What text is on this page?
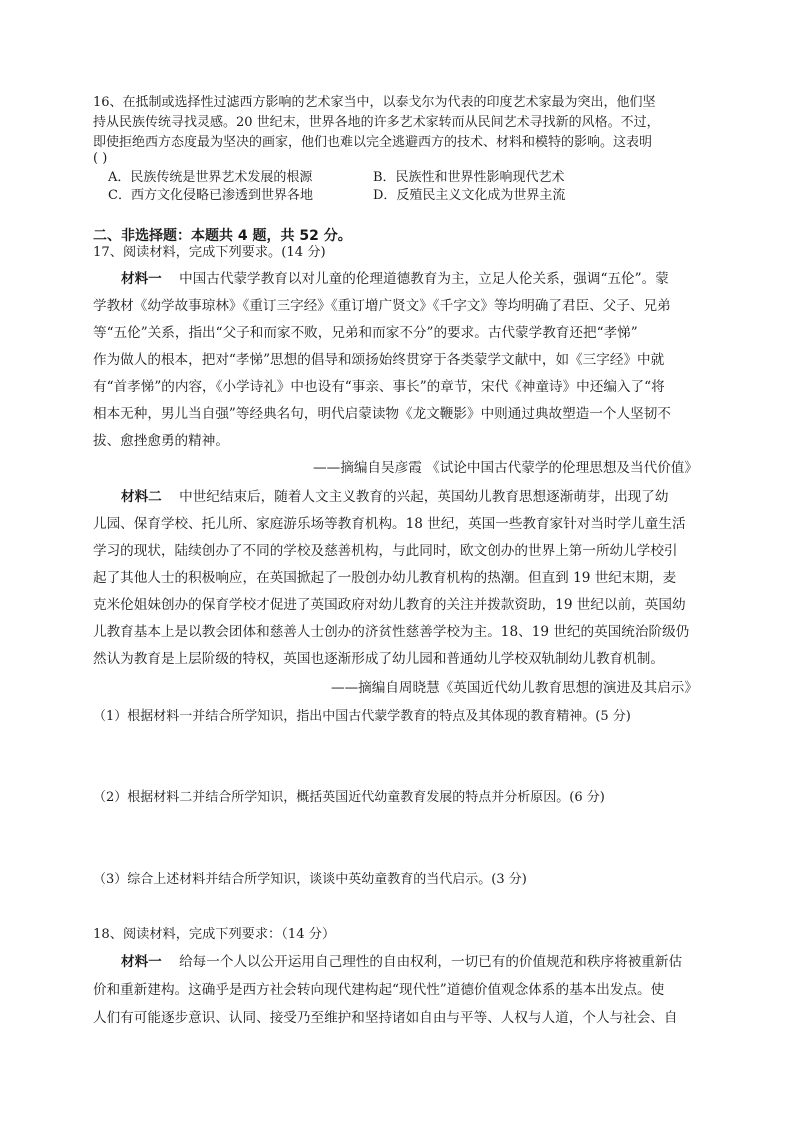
16、在抵制或选择性过滤西方影响的艺术家当中，以泰戈尔为代表的印度艺术家最为突出，他们坚
持从民族传统寻找灵感。20 世纪末，世界各地的许多艺术家转而从民间艺术寻找新的风格。不过，
即使拒绝西方态度最为坚决的画家，他们也难以完全逃避西方的技术、材料和模特的影响。这表明
( )
A．民族传统是世界艺术发展的根源	B．民族性和世界性影响现代艺术
C．西方文化侵略已渗透到世界各地	D．反殖民主义文化成为世界主流
二、非选择题：本题共 4 题，共 52 分。
17、阅读材料，完成下列要求。(14 分)
材料一 中国古代蒙学教育以对儿童的伦理道德教育为主，立足人伦关系，强调“五伦”。蒙
学教材《幼学故事琼林》《重订三字经》《重订增广贤文》《千字文》等均明确了君臣、父子、兄弟
等“五伦”关系，指出“父子和而家不败，兄弟和而家不分”的要求。古代蒙学教育还把“孝悌”
作为做人的根本，把对“孝悌”思想的倡导和颂扬始终贯穿于各类蒙学文献中，如《三字经》中就
有“首孝悌”的内容，《小学诗礼》中也设有“事亲、事长”的章节，宋代《神童诗》中还编入了“将
相本无种，男儿当自强”等经典名句，明代启蒙读物《龙文鞭影》中则通过典故塑造一个人坚韧不
拔、愈挫愈勇的精神。
——摘编自吴彦霞 《试论中国古代蒙学的伦理思想及当代价值》
材料二 中世纪结束后，随着人文主义教育的兴起，英国幼儿教育思想逐渐萌芽，出现了幼
儿园、保育学校、托儿所、家庭游乐场等教育机构。18 世纪，英国一些教育家针对当时学儿童生活
学习的现状，陆续创办了不同的学校及慈善机构，与此同时，欧文创办的世界上第一所幼儿学校引
起了其他人士的积极响应，在英国掀起了一股创办幼儿教育机构的热潮。但直到 19 世纪末期，麦
克米伦姐妹创办的保育学校才促进了英国政府对幼儿教育的关注并拨款资助，19 世纪以前，英国幼
儿教育基本上是以教会团体和慈善人士创办的济贫性慈善学校为主。18、19 世纪的英国统治阶级仍
然认为教育是上层阶级的特权，英国也逐渐形成了幼儿园和普通幼儿学校双轨制幼儿教育机制。
——摘编自周晓慧《英国近代幼儿教育思想的演进及其启示》
（1）根据材料一并结合所学知识，指出中国古代蒙学教育的特点及其体现的教育精神。(5 分)
（2）根据材料二并结合所学知识，概括英国近代幼童教育发展的特点并分析原因。(6 分)
（3）综合上述材料并结合所学知识，谈谈中英幼童教育的当代启示。(3 分)
18、阅读材料，完成下列要求：（14 分）
材料一 给每一个人以公开运用自己理性的自由权利，一切已有的价值规范和秩序将被重新估
价和重新建构。这确乎是西方社会转向现代建构起“现代性”道德价值观念体系的基本出发点。使
人们有可能逐步意识、认同、接受乃至维护和坚持诸如自由与平等、人权与人道，个人与社会、自
